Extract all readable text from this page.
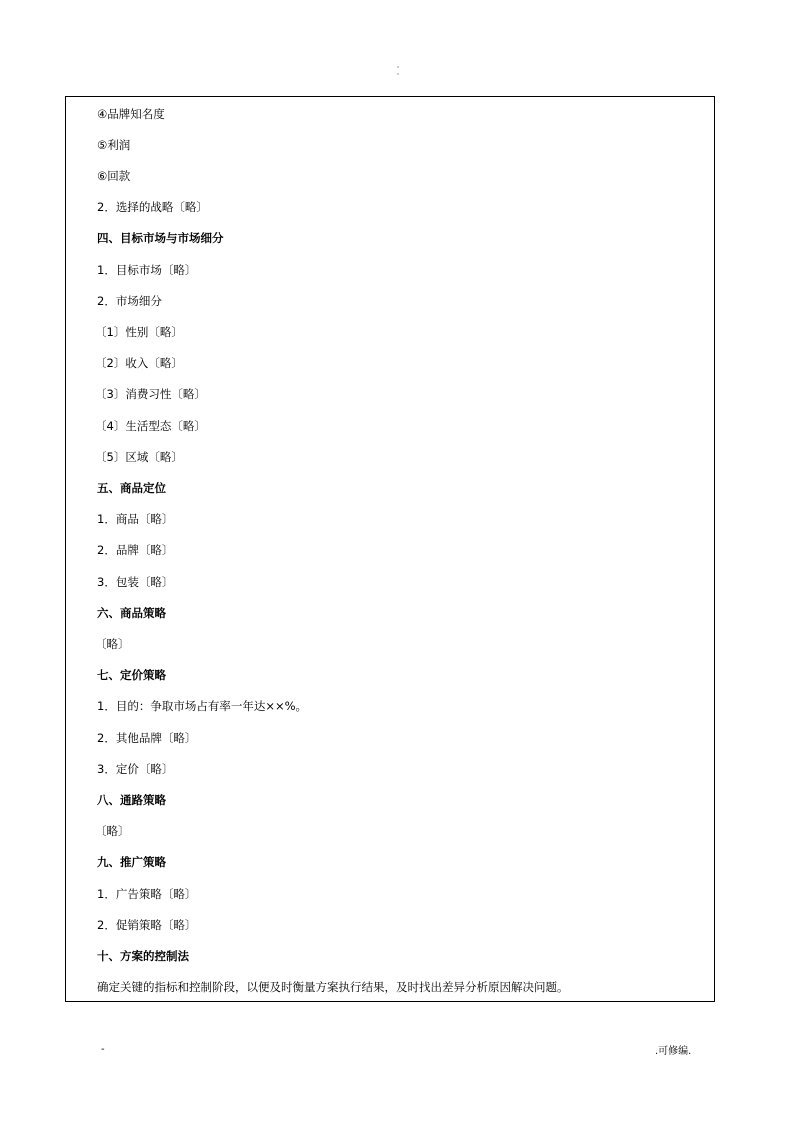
·
·
④品牌知名度
⑤利润
⑥回款
2．选择的战略〔略〕
四、目标市场与市场细分
1．目标市场〔略〕
2．市场细分
〔1〕性别〔略〕
〔2〕收入〔略〕
〔3〕消费习性〔略〕
〔4〕生活型态〔略〕
〔5〕区域〔略〕
五、商品定位
1．商品〔略〕
2．品牌〔略〕
3．包装〔略〕
六、商品策略
〔略〕
七、定价策略
1．目的：争取市场占有率一年达××%。
2．其他品牌〔略〕
3．定价〔略〕
八、通路策略
〔略〕
九、推广策略
1．广告策略〔略〕
2．促销策略〔略〕
十、方案的控制法
确定关键的指标和控制阶段，以便及时衡量方案执行结果，及时找出差异分析原因解决问题。
-	.可修编.
